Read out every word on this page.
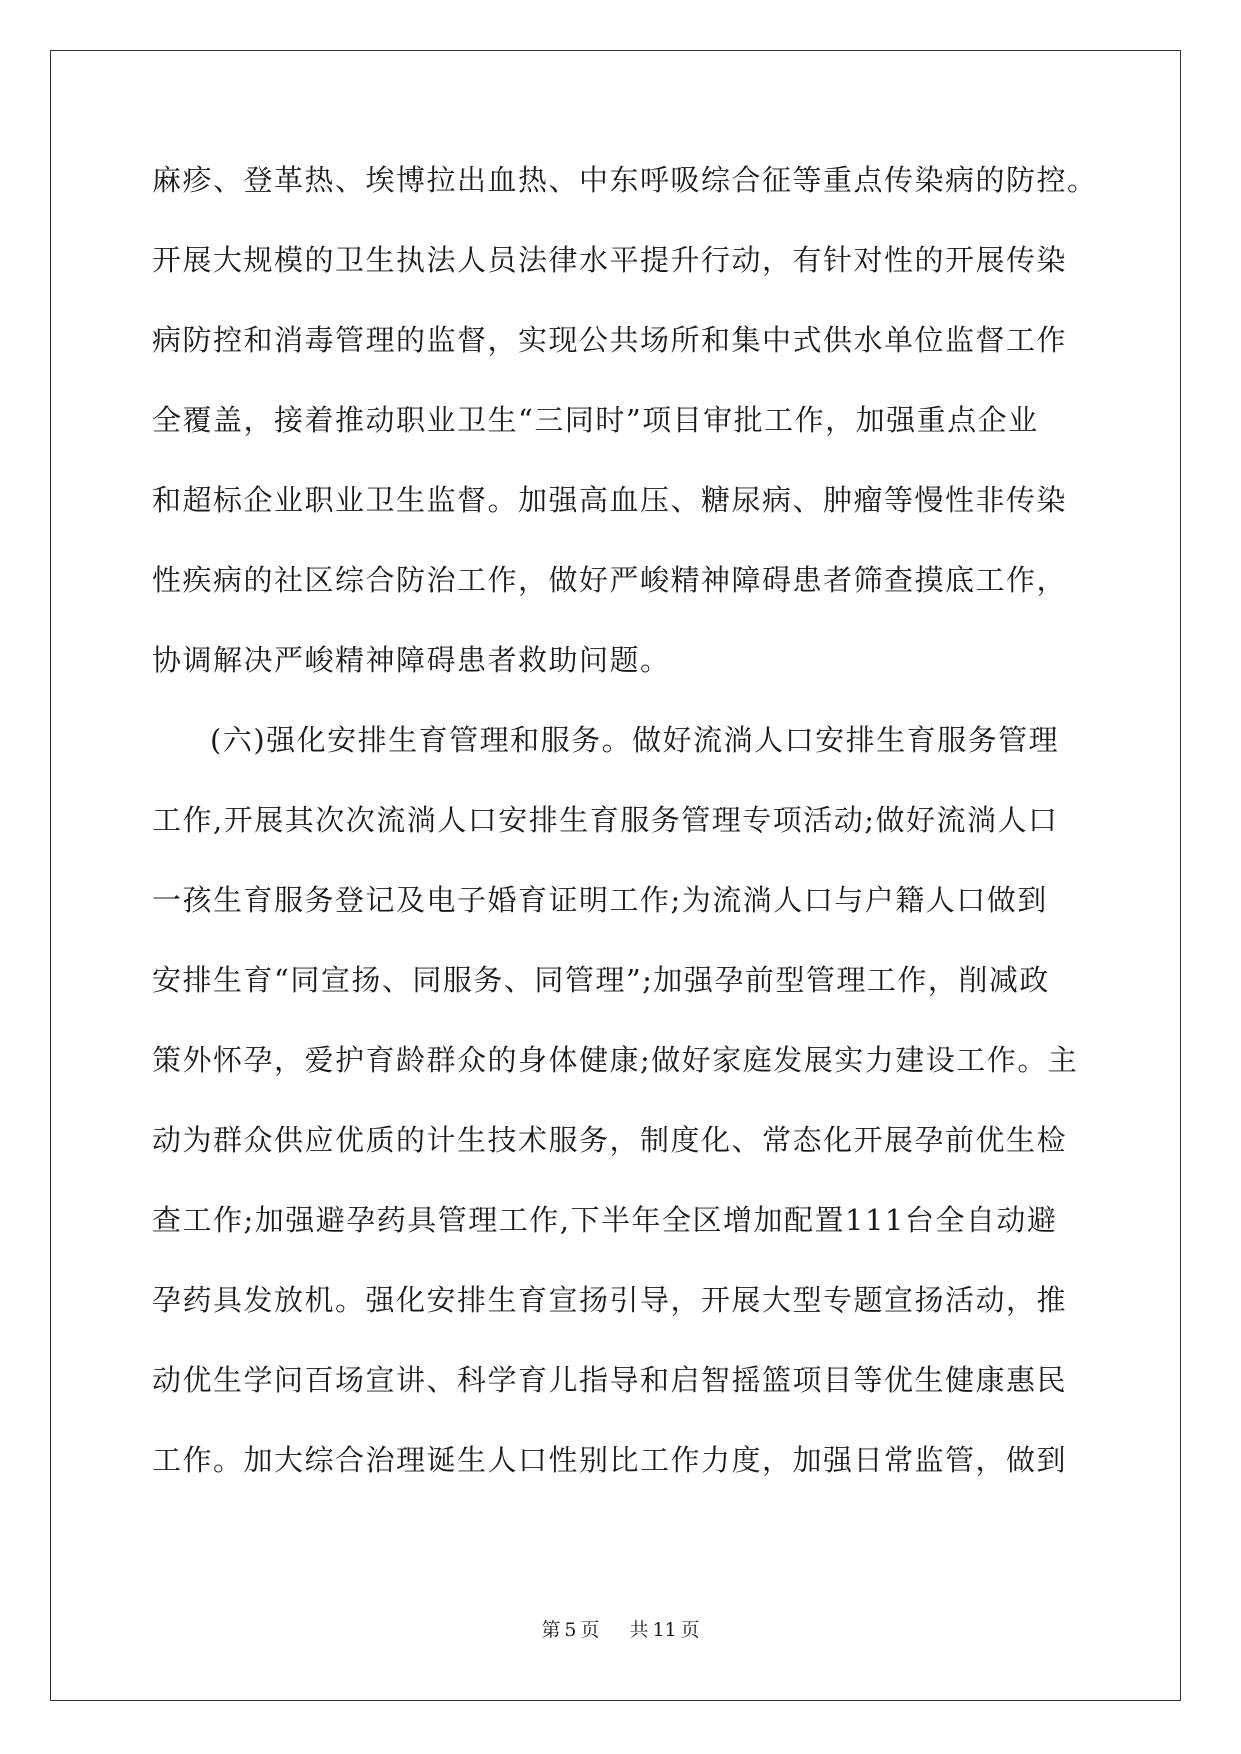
麻疹、登革热、埃博拉出血热、中东呼吸综合征等重点传染病的防控。
开展大规模的卫生执法人员法律水平提升行动，有针对性的开展传染
病防控和消毒管理的监督，实现公共场所和集中式供水单位监督工作
全覆盖，接着推动职业卫生“三同时”项目审批工作，加强重点企业
和超标企业职业卫生监督。加强高血压、糖尿病、肿瘤等慢性非传染
性疾病的社区综合防治工作，做好严峻精神障碍患者筛查摸底工作，
协调解决严峻精神障碍患者救助问题。
(六)强化安排生育管理和服务。做好流淌人口安排生育服务管理
工作,开展其次次流淌人口安排生育服务管理专项活动;做好流淌人口
一孩生育服务登记及电子婚育证明工作;为流淌人口与户籍人口做到
安排生育“同宣扬、同服务、同管理”;加强孕前型管理工作，削减政
策外怀孕，爱护育龄群众的身体健康;做好家庭发展实力建设工作。主
动为群众供应优质的计生技术服务，制度化、常态化开展孕前优生检
查工作;加强避孕药具管理工作,下半年全区增加配置111台全自动避
孕药具发放机。强化安排生育宣扬引导，开展大型专题宣扬活动，推
动优生学问百场宣讲、科学育儿指导和启智摇篮项目等优生健康惠民
工作。加大综合治理诞生人口性别比工作力度，加强日常监管，做到
第 5 页 共 11 页
